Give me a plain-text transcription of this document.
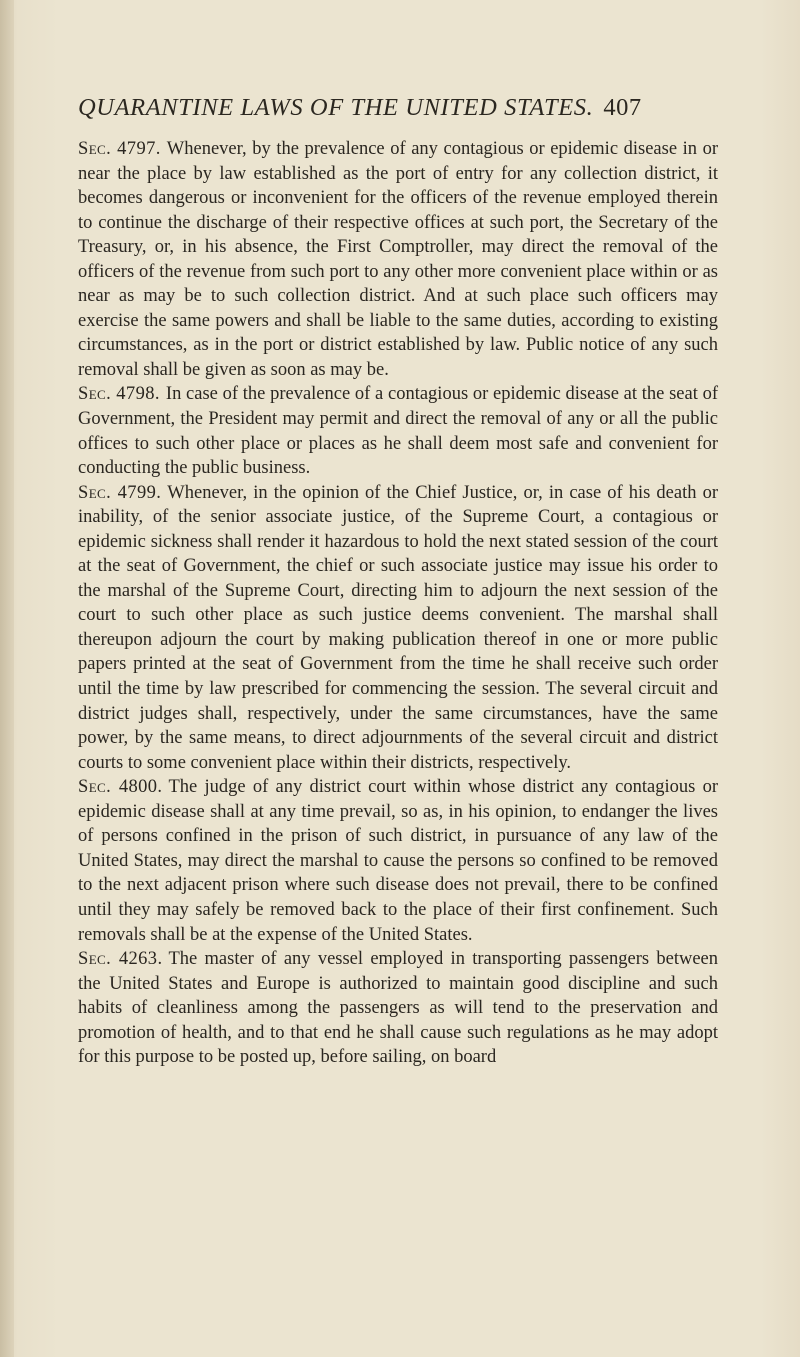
QUARANTINE LAWS OF THE UNITED STATES. 407

Sec. 4797. Whenever, by the prevalence of any contagious or epidemic disease in or near the place by law established as the port of entry for any collection district, it becomes dangerous or inconvenient for the officers of the revenue employed therein to continue the discharge of their respective offices at such port, the Secretary of the Treasury, or, in his absence, the First Comptroller, may direct the removal of the officers of the revenue from such port to any other more convenient place within or as near as may be to such collection district. And at such place such officers may exercise the same powers and shall be liable to the same duties, according to existing circumstances, as in the port or district established by law. Public notice of any such removal shall be given as soon as may be.

Sec. 4798. In case of the prevalence of a contagious or epidemic disease at the seat of Government, the President may permit and direct the removal of any or all the public offices to such other place or places as he shall deem most safe and convenient for conducting the public business.

Sec. 4799. Whenever, in the opinion of the Chief Justice, or, in case of his death or inability, of the senior associate justice, of the Supreme Court, a contagious or epidemic sickness shall render it hazardous to hold the next stated session of the court at the seat of Government, the chief or such associate justice may issue his order to the marshal of the Supreme Court, directing him to adjourn the next session of the court to such other place as such justice deems convenient. The marshal shall thereupon adjourn the court by making publication thereof in one or more public papers printed at the seat of Government from the time he shall receive such order until the time by law prescribed for commencing the session. The several circuit and district judges shall, respectively, under the same circumstances, have the same power, by the same means, to direct adjournments of the several circuit and district courts to some convenient place within their districts, respectively.

Sec. 4800. The judge of any district court within whose district any contagious or epidemic disease shall at any time prevail, so as, in his opinion, to endanger the lives of persons confined in the prison of such district, in pursuance of any law of the United States, may direct the marshal to cause the persons so confined to be removed to the next adjacent prison where such disease does not prevail, there to be confined until they may safely be removed back to the place of their first confinement. Such removals shall be at the expense of the United States.

Sec. 4263. The master of any vessel employed in transporting passengers between the United States and Europe is authorized to maintain good discipline and such habits of cleanliness among the passengers as will tend to the preservation and promotion of health, and to that end he shall cause such regulations as he may adopt for this purpose to be posted up, before sailing, on board
